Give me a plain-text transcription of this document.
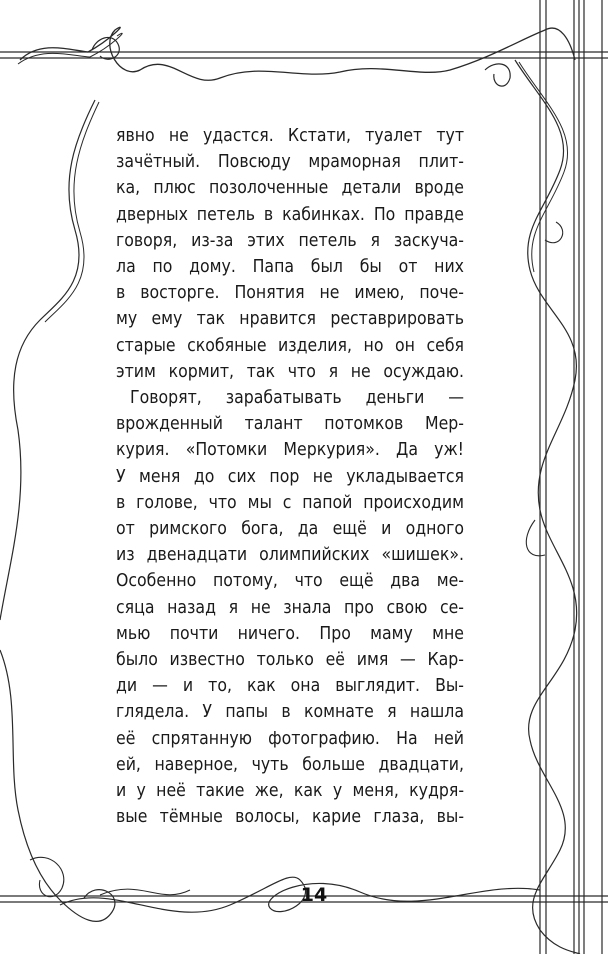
явно не удастся. Кстати, туалет тут
зачётный. Повсюду мраморная плит-
ка, плюс позолоченные детали вроде
дверных петель в кабинках. По правде
говоря, из-за этих петель я заскуча-
ла по дому. Папа был бы от них
в восторге. Понятия не имею, поче-
му ему так нравится реставрировать
старые скобяные изделия, но он себя
этим кормит, так что я не осуждаю.
Говорят, зарабатывать деньги —
врожденный талант потомков Мер-
курия. «Потомки Меркурия». Да уж!
У меня до сих пор не укладывается
в голове, что мы с папой происходим
от римского бога, да ещё и одного
из двенадцати олимпийских «шишек».
Особенно потому, что ещё два ме-
сяца назад я не знала про свою се-
мью почти ничего. Про маму мне
было известно только её имя — Кар-
ди — и то, как она выглядит. Вы-
глядела. У папы в комнате я нашла
её спрятанную фотографию. На ней
ей, наверное, чуть больше двадцати,
и у неё такие же, как у меня, кудря-
вые тёмные волосы, карие глаза, вы-
14
